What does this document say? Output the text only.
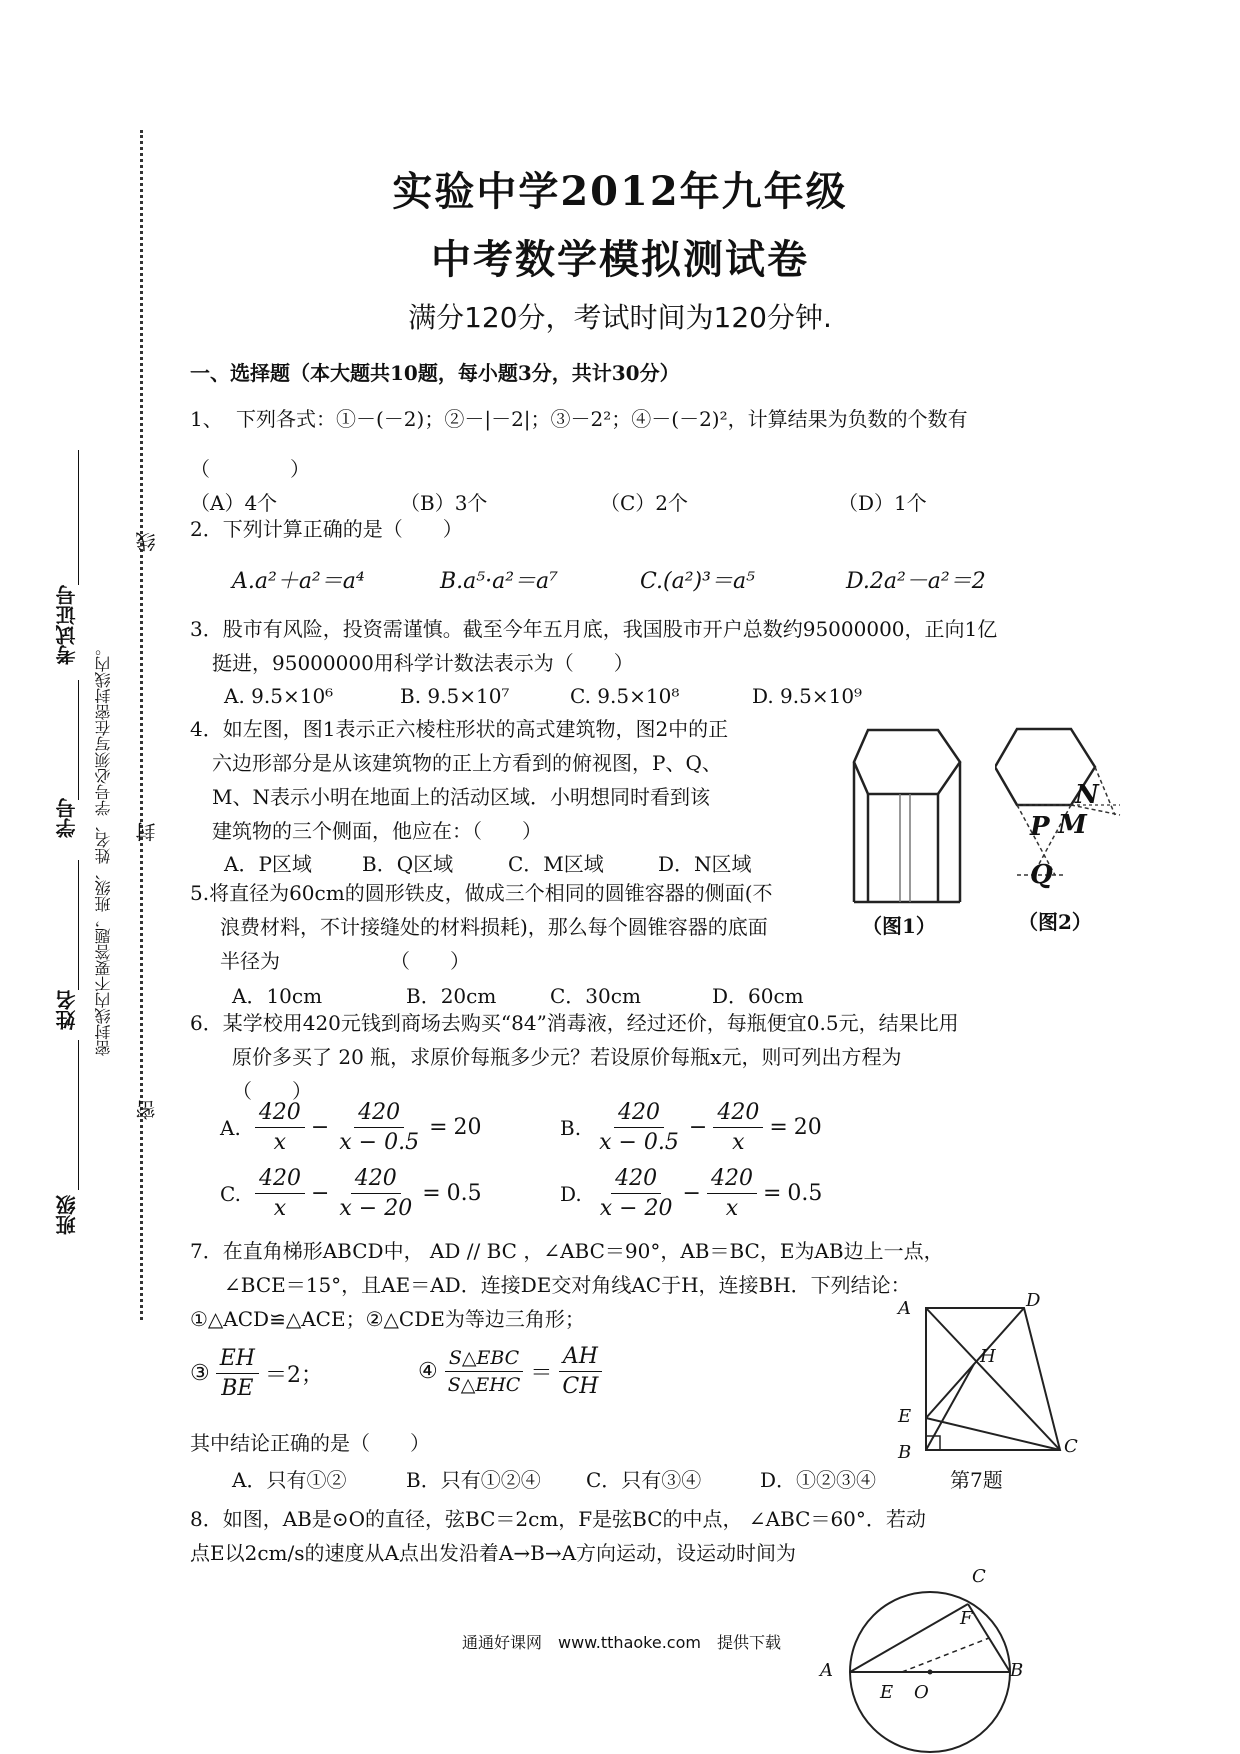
线
封
密
密封线内不要答题，班级、姓名、学号必须写在密封线内。
班级
姓名
学号
考试证号
实验中学2012年九年级
中考数学模拟测试卷
满分120分，考试时间为120分钟.
一、选择题（本大题共10题，每小题3分，共计30分）
1、 下列各式：①－(－2)；②－|－2|；③－2²；④－(－2)²，计算结果为负数的个数有
（　　　　）
（A）4个	（B）3个	（C）2个	（D）1个
2．下列计算正确的是（　　）
A.a²＋a²＝a⁴	B.a⁵·a²＝a⁷	C.(a²)³＝a⁵	D.2a²－a²＝2
3．股市有风险，投资需谨慎。截至今年五月底，我国股市开户总数约95000000，正向1亿
挺进，95000000用科学计数法表示为（　　）
A. 9.5×10⁶	B. 9.5×10⁷	C. 9.5×10⁸	D. 9.5×10⁹
4．如左图，图1表示正六棱柱形状的高式建筑物，图2中的正
六边形部分是从该建筑物的正上方看到的俯视图，P、Q、
M、N表示小明在地面上的活动区域．小明想同时看到该
建筑物的三个侧面，他应在：（　　）
A．P区域	B．Q区域	C．M区域	D．N区域
（图1）
N
P M
Q
（图2）
5.将直径为60cm的圆形铁皮，做成三个相同的圆锥容器的侧面(不
浪费材料，不计接缝处的材料损耗)，那么每个圆锥容器的底面
半径为　　　　　　（　　）
A．10cm	B．20cm	C．30cm	D．60cm
6．某学校用420元钱到商场去购买“84”消毒液，经过还价，每瓶便宜0.5元，结果比用
原价多买了 20 瓶，求原价每瓶多少元？若设原价每瓶x元，则可列出方程为
（　　）
A. $\frac{420}{x} - \frac{420}{x - 0.5} = 20$	B. $\frac{420}{x - 0.5} - \frac{420}{x} = 20$
C. $\frac{420}{x} - \frac{420}{x - 20} = 0.5$	D. $\frac{420}{x - 20} - \frac{420}{x} = 0.5$
7．在直角梯形ABCD中， AD // BC ，∠ABC＝90°，AB＝BC，E为AB边上一点，
∠BCE＝15°，且AE＝AD．连接DE交对角线AC于H，连接BH．下列结论：
①△ACD≌△ACE；②△CDE为等边三角形；
③ $\frac{EH}{BE} =2$；	④ $\frac{\text{S△EBC}}{\text{S△EHC}} = \frac{AH}{CH}$
其中结论正确的是（　　）
A．只有①②	B．只有①②④ C．只有③④	D．①②③④
A	D
H
E
B	C
第7题
8．如图，AB是⊙O的直径，弦BC＝2cm，F是弦BC的中点， ∠ABC＝60°．若动
点E以2cm/s的速度从A点出发沿着A→B→A方向运动，设运动时间为
C
F
A
E O
B
通通好课网　www.tthaoke.com　提供下载
